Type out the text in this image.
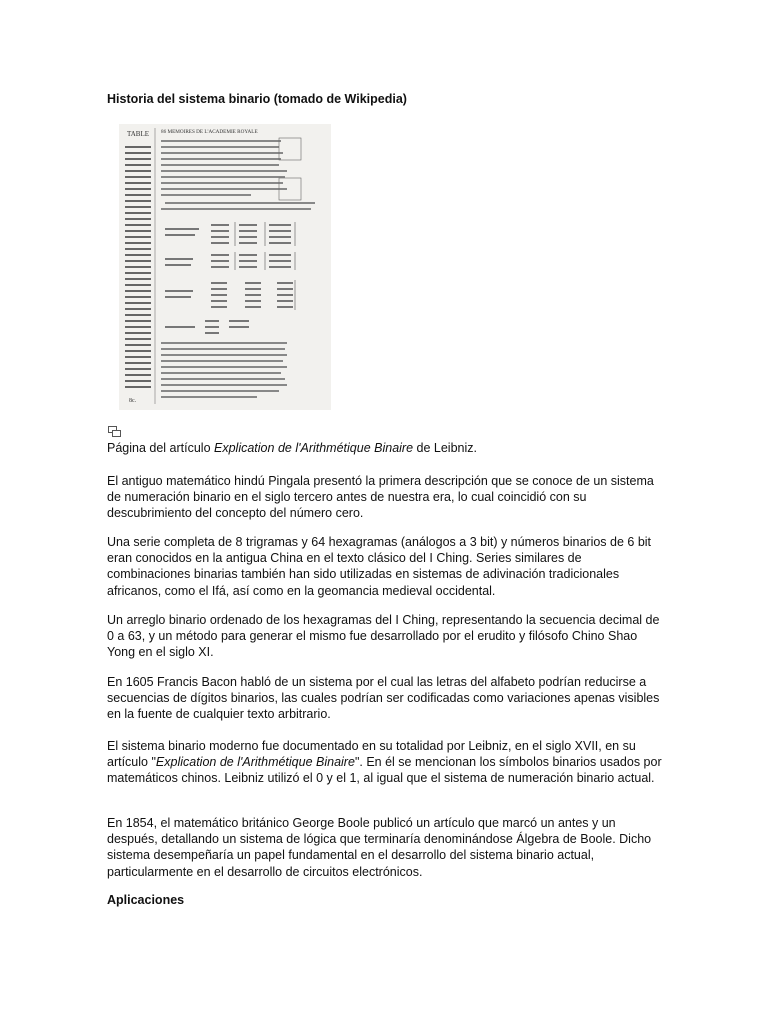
Historia del sistema binario (tomado de Wikipedia)
TABLE 86 MEMOIRES DE L'ACADEMIE ROYALE
8c.

Página del artículo Explication de l'Arithmétique Binaire de Leibniz.

El antiguo matemático hindú Pingala presentó la primera descripción que se conoce de un sistema de numeración binario en el siglo tercero antes de nuestra era, lo cual coincidió con su descubrimiento del concepto del número cero.

Una serie completa de 8 trigramas y 64 hexagramas (análogos a 3 bit) y números binarios de 6 bit eran conocidos en la antigua China en el texto clásico del I Ching. Series similares de combinaciones binarias también han sido utilizadas en sistemas de adivinación tradicionales africanos, como el Ifá, así como en la geomancia medieval occidental.

Un arreglo binario ordenado de los hexagramas del I Ching, representando la secuencia decimal de 0 a 63, y un método para generar el mismo fue desarrollado por el erudito y filósofo Chino Shao Yong en el siglo XI.

En 1605 Francis Bacon habló de un sistema por el cual las letras del alfabeto podrían reducirse a secuencias de dígitos binarios, las cuales podrían ser codificadas como variaciones apenas visibles en la fuente de cualquier texto arbitrario.

El sistema binario moderno fue documentado en su totalidad por Leibniz, en el siglo XVII, en su artículo "Explication de l'Arithmétique Binaire". En él se mencionan los símbolos binarios usados por matemáticos chinos. Leibniz utilizó el 0 y el 1, al igual que el sistema de numeración binario actual.

En 1854, el matemático británico George Boole publicó un artículo que marcó un antes y un después, detallando un sistema de lógica que terminaría denominándose Álgebra de Boole. Dicho sistema desempeñaría un papel fundamental en el desarrollo del sistema binario actual, particularmente en el desarrollo de circuitos electrónicos.

Aplicaciones
